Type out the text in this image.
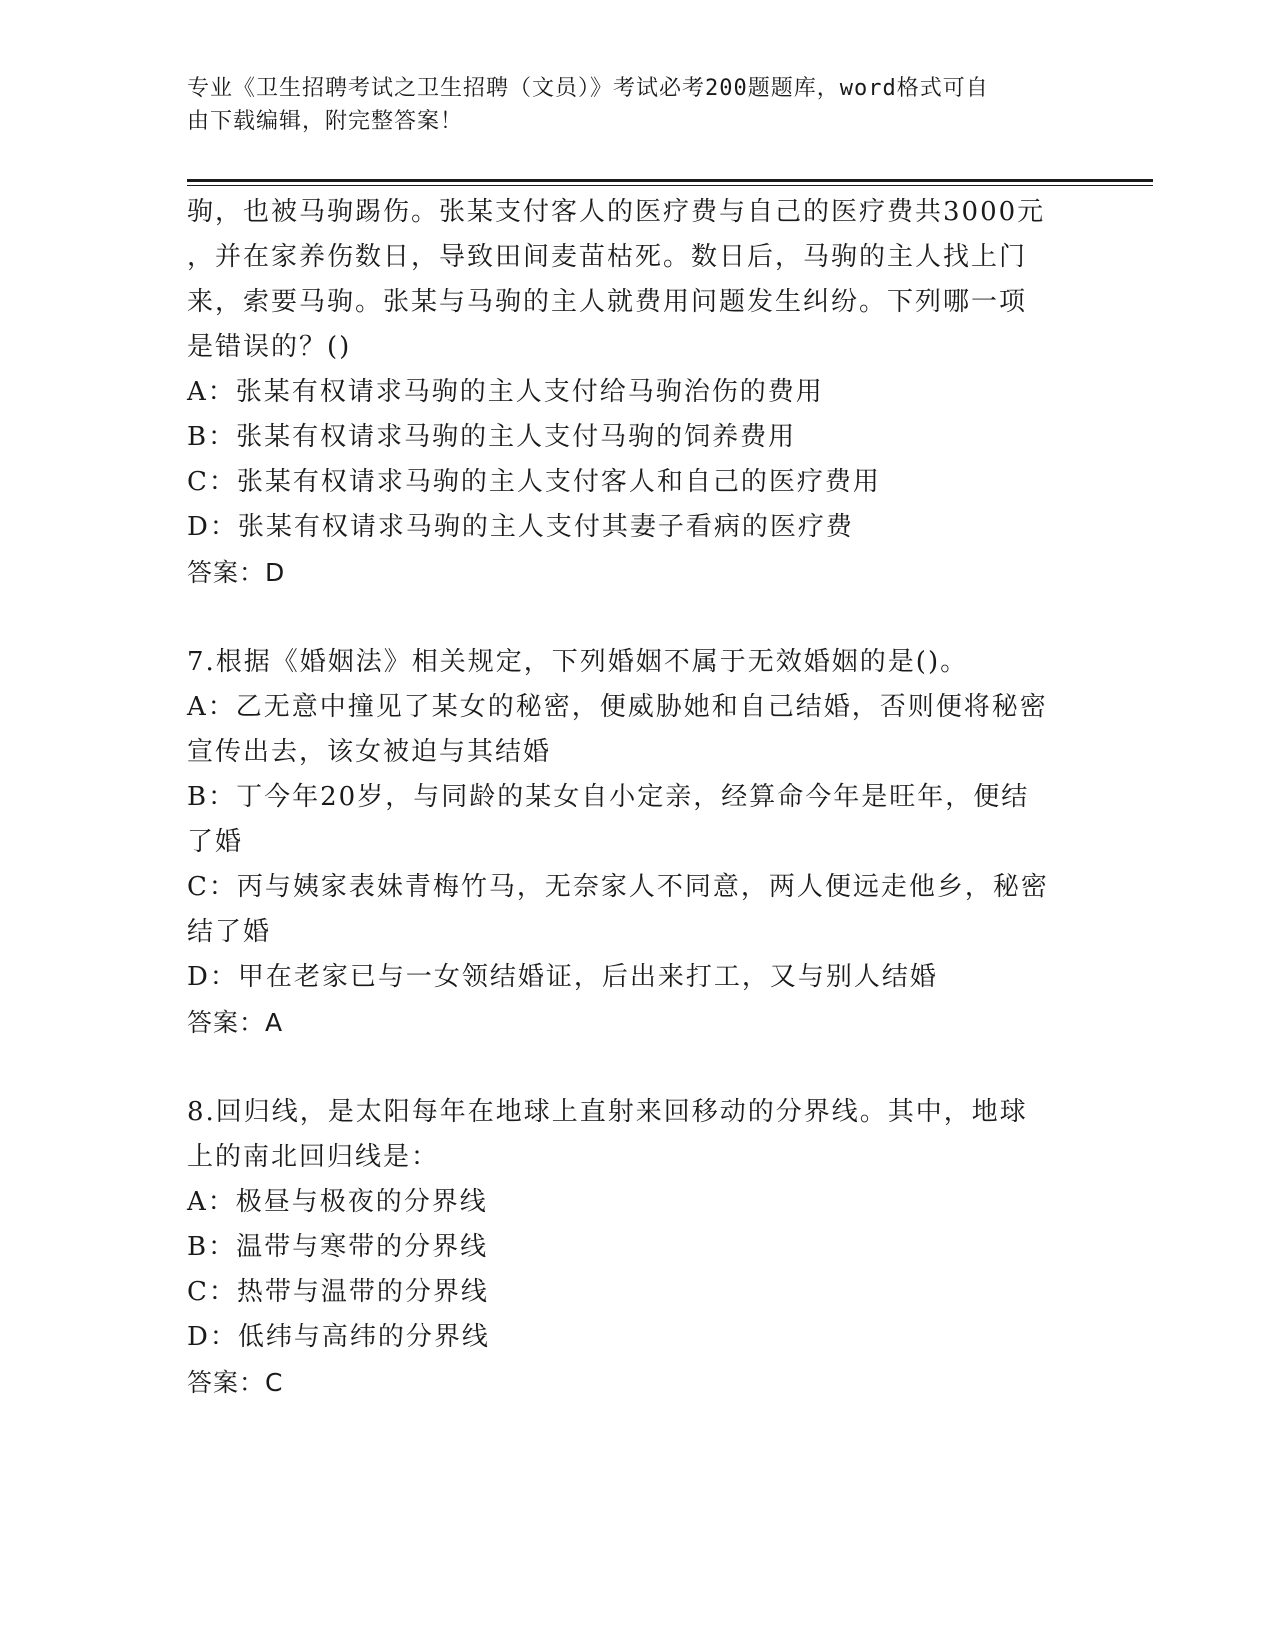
专业《卫生招聘考试之卫生招聘（文员）》考试必考200题题库，word格式可自
由下载编辑，附完整答案！
驹，也被马驹踢伤。张某支付客人的医疗费与自己的医疗费共3000元
，并在家养伤数日，导致田间麦苗枯死。数日后，马驹的主人找上门
来，索要马驹。张某与马驹的主人就费用问题发生纠纷。下列哪一项
是错误的？()
A：张某有权请求马驹的主人支付给马驹治伤的费用
B：张某有权请求马驹的主人支付马驹的饲养费用
C：张某有权请求马驹的主人支付客人和自己的医疗费用
D：张某有权请求马驹的主人支付其妻子看病的医疗费
答案：D
7.根据《婚姻法》相关规定，下列婚姻不属于无效婚姻的是()。
A：乙无意中撞见了某女的秘密，便威胁她和自己结婚，否则便将秘密
宣传出去，该女被迫与其结婚
B：丁今年20岁，与同龄的某女自小定亲，经算命今年是旺年，便结
了婚
C：丙与姨家表妹青梅竹马，无奈家人不同意，两人便远走他乡，秘密
结了婚
D：甲在老家已与一女领结婚证，后出来打工，又与别人结婚
答案：A
8.回归线，是太阳每年在地球上直射来回移动的分界线。其中，地球
上的南北回归线是：
A：极昼与极夜的分界线
B：温带与寒带的分界线
C：热带与温带的分界线
D：低纬与高纬的分界线
答案：C
